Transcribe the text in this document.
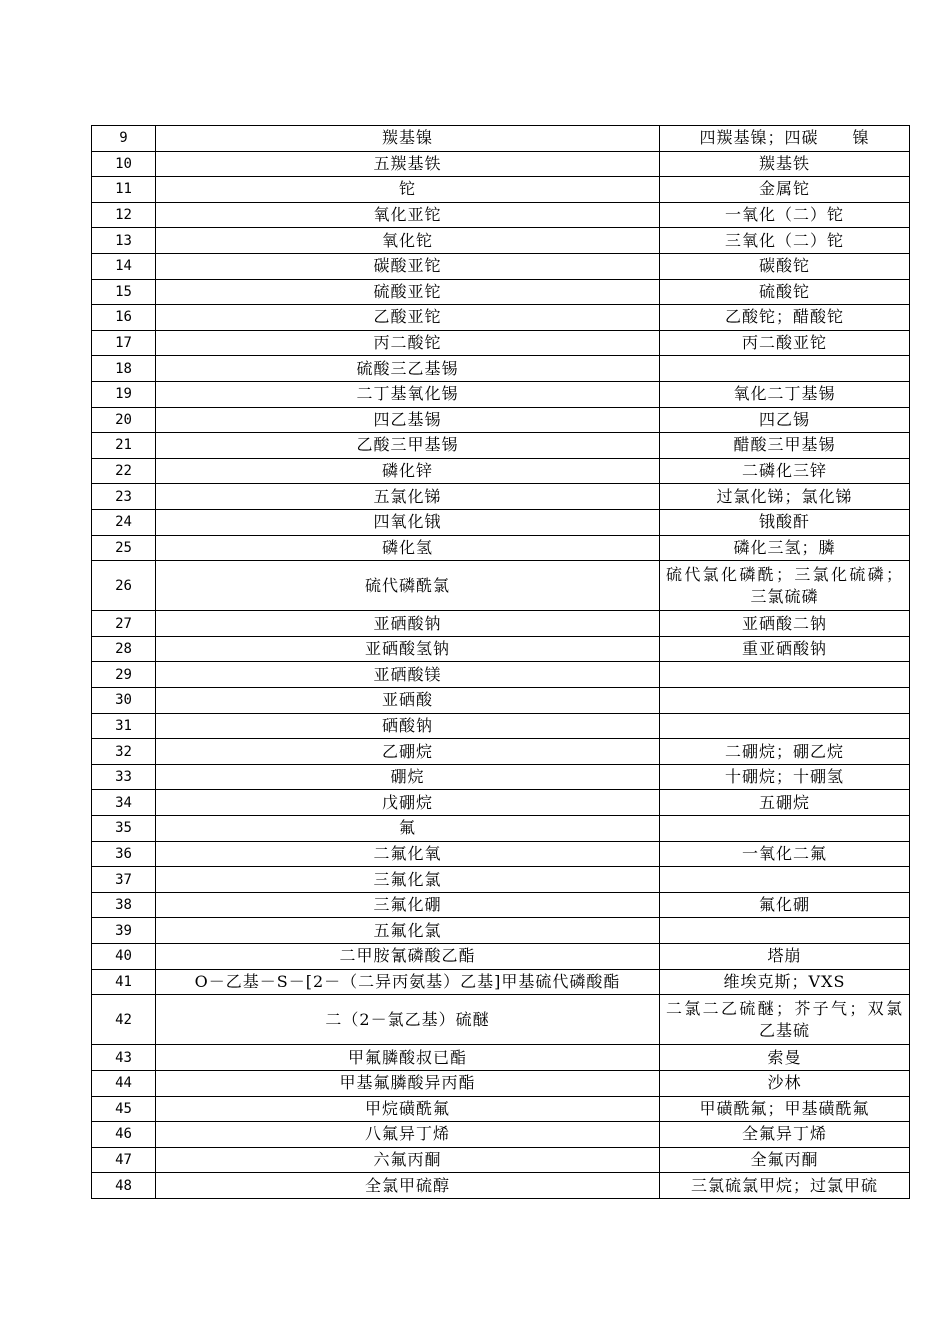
9	羰基镍	四羰基镍；四碳　　镍
10	五羰基铁	羰基铁
11	铊	金属铊
12	氧化亚铊	一氧化（二）铊
13	氧化铊	三氧化（二）铊
14	碳酸亚铊	碳酸铊
15	硫酸亚铊	硫酸铊
16	乙酸亚铊	乙酸铊；醋酸铊
17	丙二酸铊	丙二酸亚铊
18	硫酸三乙基锡	
19	二丁基氧化锡	氧化二丁基锡
20	四乙基锡	四乙锡
21	乙酸三甲基锡	醋酸三甲基锡
22	磷化锌	二磷化三锌
23	五氯化锑	过氯化锑；氯化锑
24	四氧化锇	锇酸酐
25	磷化氢	磷化三氢；膦
26	硫代磷酰氯	硫代氯化磷酰；三氯化硫磷；三氯硫磷
27	亚硒酸钠	亚硒酸二钠
28	亚硒酸氢钠	重亚硒酸钠
29	亚硒酸镁	
30	亚硒酸	
31	硒酸钠	
32	乙硼烷	二硼烷；硼乙烷
33	硼烷	十硼烷；十硼氢
34	戊硼烷	五硼烷
35	氟	
36	二氟化氧	一氧化二氟
37	三氟化氯	
38	三氟化硼	氟化硼
39	五氟化氯	
40	二甲胺氰磷酸乙酯	塔崩
41	O－乙基－S－[2－（二异丙氨基）乙基]甲基硫代磷酸酯	维埃克斯；VXS
42	二（2－氯乙基）硫醚	二氯二乙硫醚；芥子气；双氯乙基硫
43	甲氟膦酸叔已酯	索曼
44	甲基氟膦酸异丙酯	沙林
45	甲烷磺酰氟	甲磺酰氟；甲基磺酰氟
46	八氟异丁烯	全氟异丁烯
47	六氟丙酮	全氟丙酮
48	全氯甲硫醇	三氯硫氯甲烷；过氯甲硫
